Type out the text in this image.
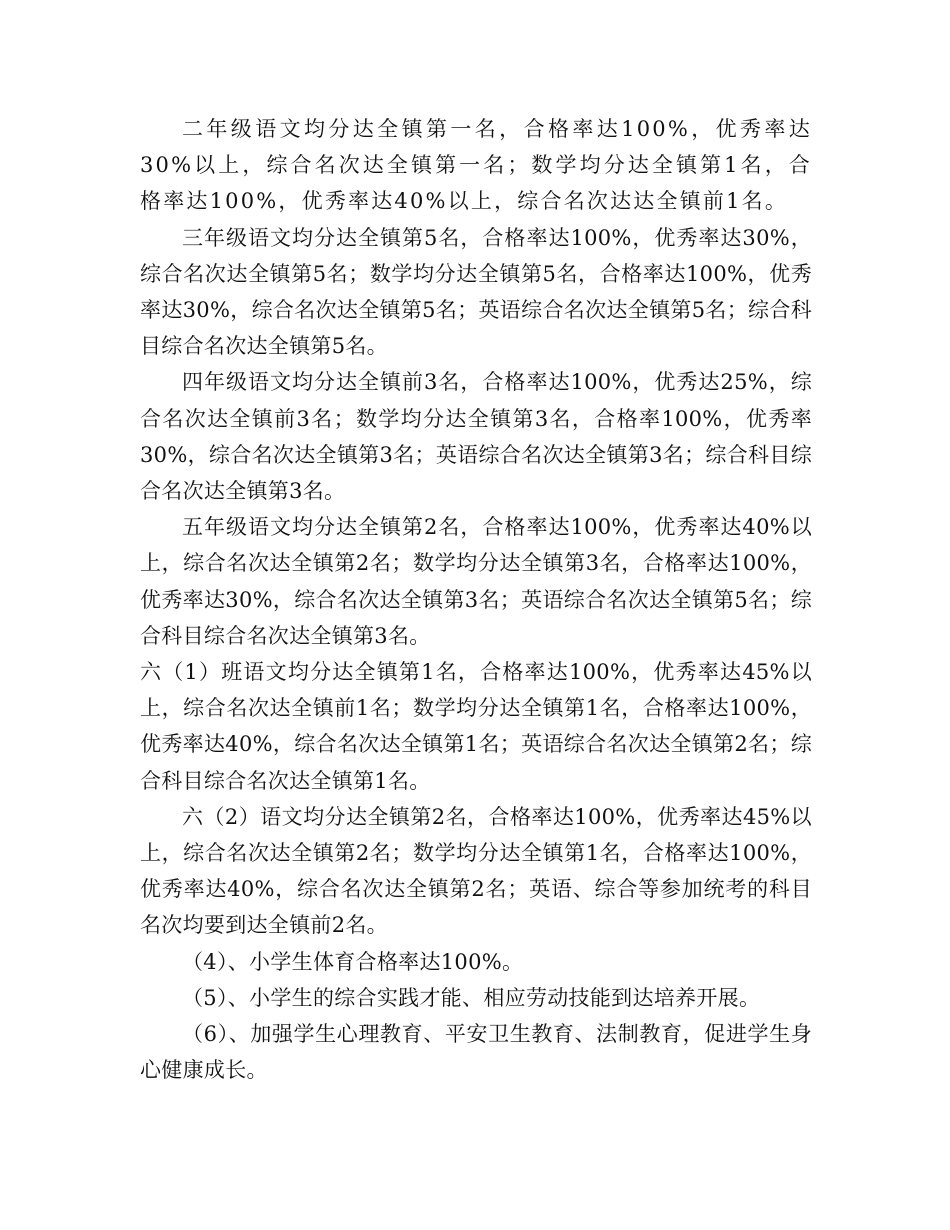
二年级语文均分达全镇第一名，合格率达100%，优秀率达30%以上，综合名次达全镇第一名；数学均分达全镇第1名，合格率达100%，优秀率达40%以上，综合名次达达全镇前1名。

三年级语文均分达全镇第5名，合格率达100%，优秀率达30%，综合名次达全镇第5名；数学均分达全镇第5名，合格率达100%，优秀率达30%，综合名次达全镇第5名；英语综合名次达全镇第5名；综合科目综合名次达全镇第5名。

四年级语文均分达全镇前3名，合格率达100%，优秀达25%，综合名次达全镇前3名；数学均分达全镇第3名，合格率100%，优秀率30%，综合名次达全镇第3名；英语综合名次达全镇第3名；综合科目综合名次达全镇第3名。

五年级语文均分达全镇第2名，合格率达100%，优秀率达40%以上，综合名次达全镇第2名；数学均分达全镇第3名，合格率达100%，优秀率达30%，综合名次达全镇第3名；英语综合名次达全镇第5名；综合科目综合名次达全镇第3名。

六（1）班语文均分达全镇第1名，合格率达100%，优秀率达45%以上，综合名次达全镇前1名；数学均分达全镇第1名，合格率达100%，优秀率达40%，综合名次达全镇第1名；英语综合名次达全镇第2名；综合科目综合名次达全镇第1名。

六（2）语文均分达全镇第2名，合格率达100%，优秀率达45%以上，综合名次达全镇第2名；数学均分达全镇第1名，合格率达100%，优秀率达40%，综合名次达全镇第2名；英语、综合等参加统考的科目名次均要到达全镇前2名。

（4）、小学生体育合格率达100%。

（5）、小学生的综合实践才能、相应劳动技能到达培养开展。

（6）、加强学生心理教育、平安卫生教育、法制教育，促进学生身心健康成长。
